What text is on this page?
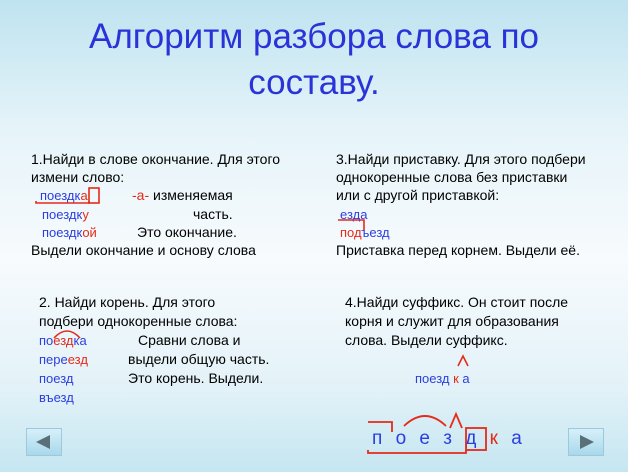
Алгоритм разбора слова по
составу.
1.Найди в слове окончание. Для этого
измени слово:
поездка
поездку
поездкой
-а- изменяемая
часть.
Это окончание.
Выдели окончание и основу слова
2. Найди корень. Для этого
подбери однокоренные слова:
поездка
переезд
поезд
въезд
Сравни слова и
выдели общую часть.
Это корень. Выдели.
3.Найди приставку. Для этого подбери
однокоренные слова без приставки
или с другой приставкой:
езда
подъезд
Приставка перед корнем. Выдели её.
4.Найди суффикс. Он стоит после
корня и служит для образования
слова. Выдели суффикс.
поезд к а
п о е з д к а
